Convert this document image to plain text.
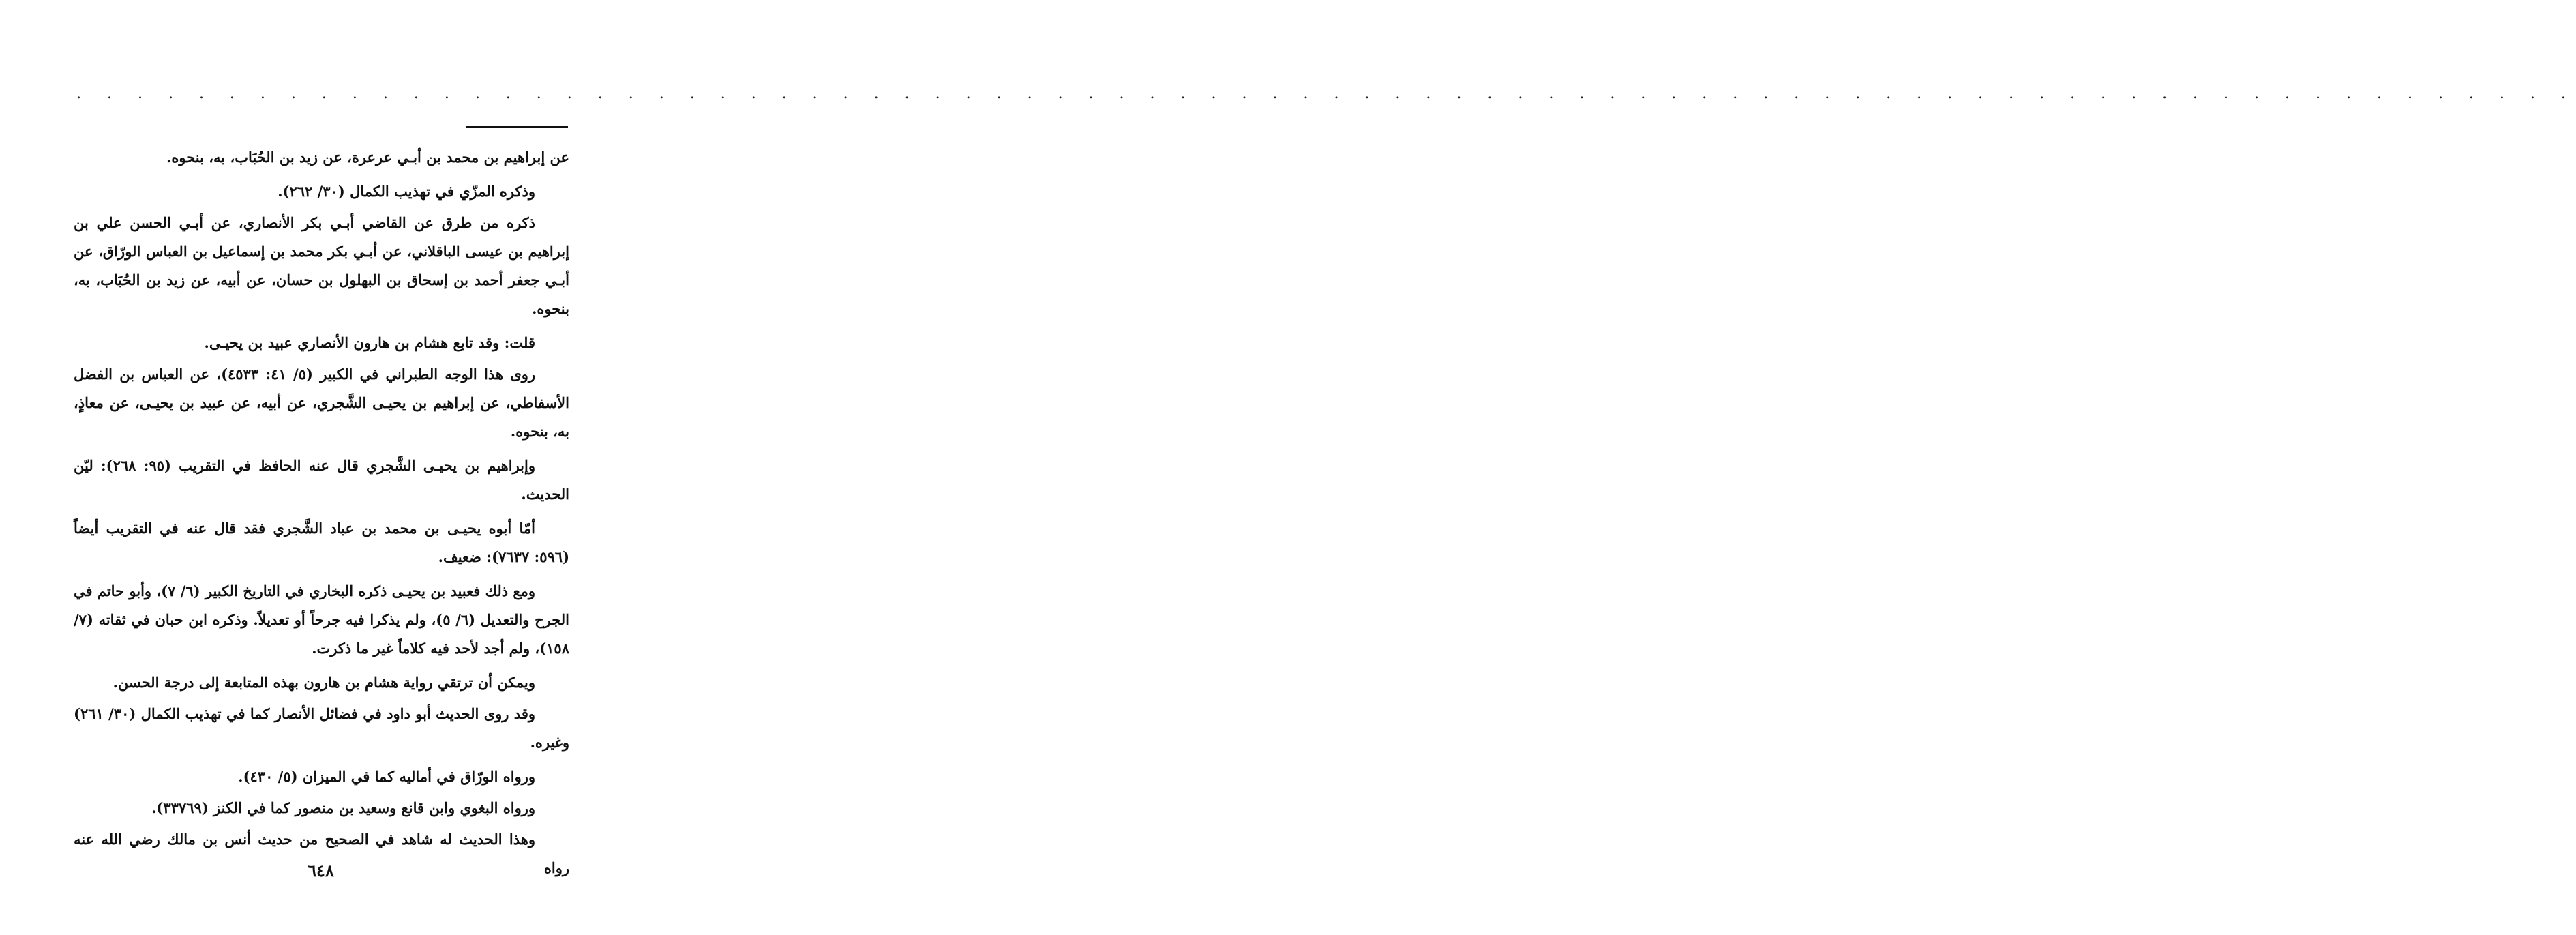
. . . . . . . . . . . . . . . . . . . . . . . . . . . . . . . . . . . . . . . . . . . . . . . . . . . . . . . . . . . . . . . . . . . . . . . . . . . . . . . . . .

عن إبراهيم بن محمد بن أبـي عرعرة، عن زيد بن الحُبَاب، به، بنحوه.

وذكره المزّي في تهذيب الكمال (٣٠/ ٢٦٢).

ذكره من طرق عن القاضي أبـي بكر الأنصاري، عن أبـي الحسن علي بن إبراهيم بن عيسى الباقلاني، عن أبـي بكر محمد بن إسماعيل بن العباس الورّاق، عن أبـي جعفر أحمد بن إسحاق بن البهلول بن حسان، عن أبيه، عن زيد بن الحُبَاب، به، بنحوه.

قلت: وقد تابع هشام بن هارون الأنصاري عبيد بن يحيـى.

روى هذا الوجه الطبراني في الكبير (٥/ ٤١: ٤٥٣٣)، عن العباس بن الفضل الأسفاطي، عن إبراهيم بن يحيـى الشَّجري، عن أبيه، عن عبيد بن يحيـى، عن معاذٍ، به، بنحوه.

وإبراهيم بن يحيـى الشَّجري قال عنه الحافظ في التقريب (٩٥: ٢٦٨): ليّن الحديث.

أمّا أبوه يحيـى بن محمد بن عباد الشَّجري فقد قال عنه في التقريب أيضاً (٥٩٦: ٧٦٣٧): ضعيف.

ومع ذلك فعبيد بن يحيـى ذكره البخاري في التاريخ الكبير (٦/ ٧)، وأبو حاتم في الجرح والتعديل (٦/ ٥)، ولم يذكرا فيه جرحاً أو تعديلاً. وذكره ابن حبان في ثقاته (٧/ ١٥٨)، ولم أجد لأحد فيه كلاماً غير ما ذكرت.

ويمكن أن ترتقي رواية هشام بن هارون بهذه المتابعة إلى درجة الحسن.

وقد روى الحديث أبو داود في فضائل الأنصار كما في تهذيب الكمال (٣٠/ ٢٦١) وغيره.

ورواه الورّاق في أماليه كما في الميزان (٥/ ٤٣٠).

ورواه البغوي وابن قانع وسعيد بن منصور كما في الكنز (٣٣٧٦٩).

وهذا الحديث له شاهد في الصحيح من حديث أنس بن مالك رضي الله عنه رواه

٦٤٨
